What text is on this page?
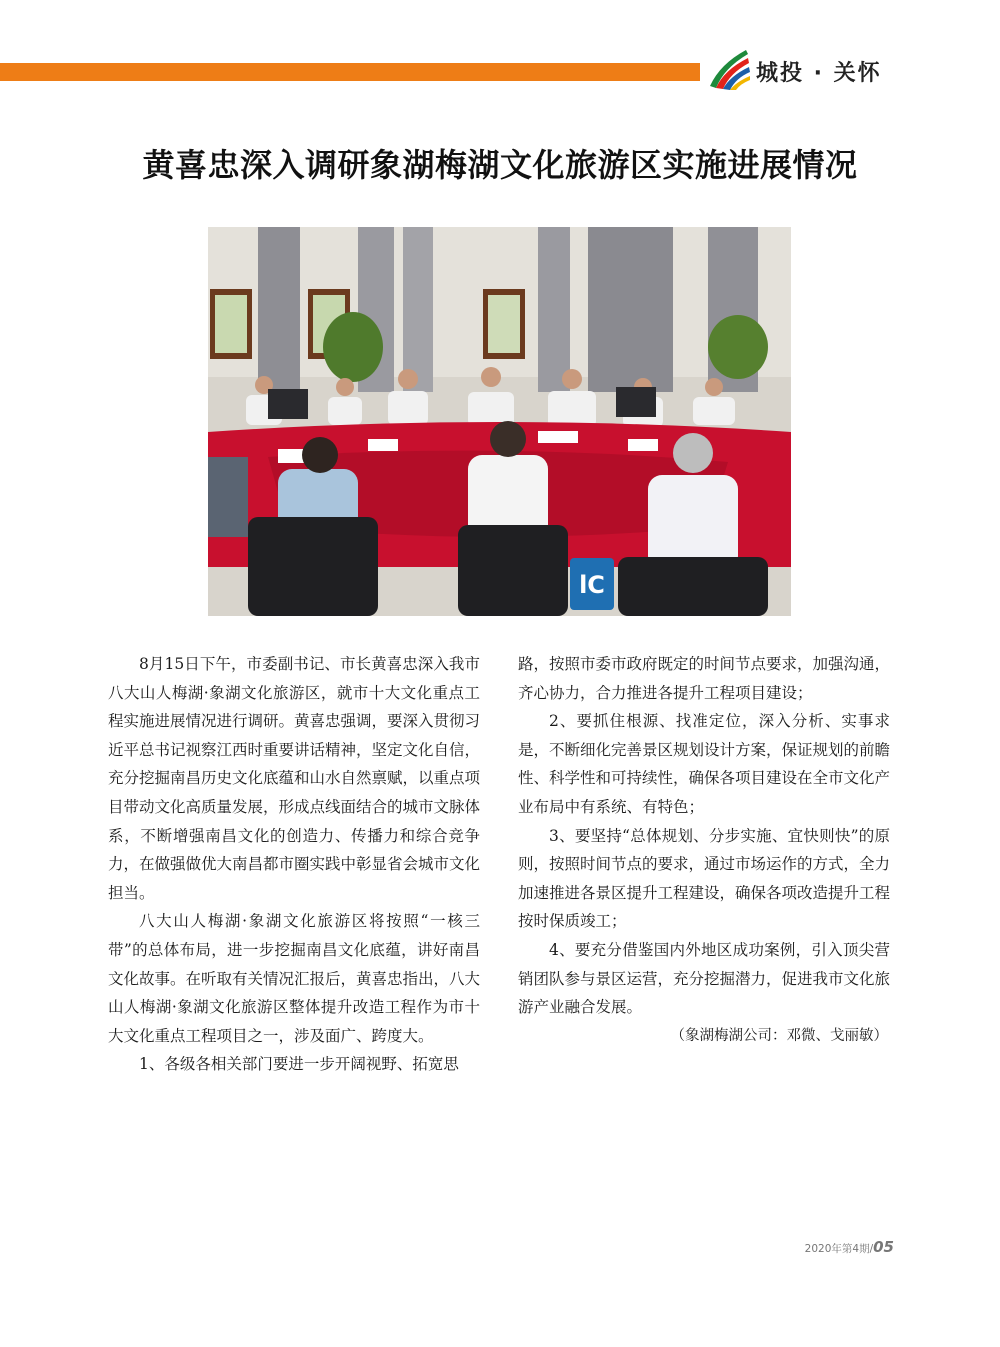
城投 · 关怀
黄喜忠深入调研象湖梅湖文化旅游区实施进展情况
lC

8月15日下午，市委副书记、市长黄喜忠深入我市八大山人梅湖·象湖文化旅游区，就市十大文化重点工程实施进展情况进行调研。黄喜忠强调，要深入贯彻习近平总书记视察江西时重要讲话精神，坚定文化自信，充分挖掘南昌历史文化底蕴和山水自然禀赋，以重点项目带动文化高质量发展，形成点线面结合的城市文脉体系，不断增强南昌文化的创造力、传播力和综合竞争力，在做强做优大南昌都市圈实践中彰显省会城市文化担当。

八大山人梅湖·象湖文化旅游区将按照“一核三带”的总体布局，进一步挖掘南昌文化底蕴，讲好南昌文化故事。在听取有关情况汇报后，黄喜忠指出，八大山人梅湖·象湖文化旅游区整体提升改造工程作为市十大文化重点工程项目之一，涉及面广、跨度大。

1、各级各相关部门要进一步开阔视野、拓宽思

路，按照市委市政府既定的时间节点要求，加强沟通，齐心协力，合力推进各提升工程项目建设；

2、要抓住根源、找准定位，深入分析、实事求是，不断细化完善景区规划设计方案，保证规划的前瞻性、科学性和可持续性，确保各项目建设在全市文化产业布局中有系统、有特色；

3、要坚持“总体规划、分步实施、宜快则快”的原则，按照时间节点的要求，通过市场运作的方式，全力加速推进各景区提升工程建设，确保各项改造提升工程按时保质竣工；

4、要充分借鉴国内外地区成功案例，引入顶尖营销团队参与景区运营，充分挖掘潜力，促进我市文化旅游产业融合发展。

（象湖梅湖公司：邓微、戈丽敏）

2020年第4期/05
